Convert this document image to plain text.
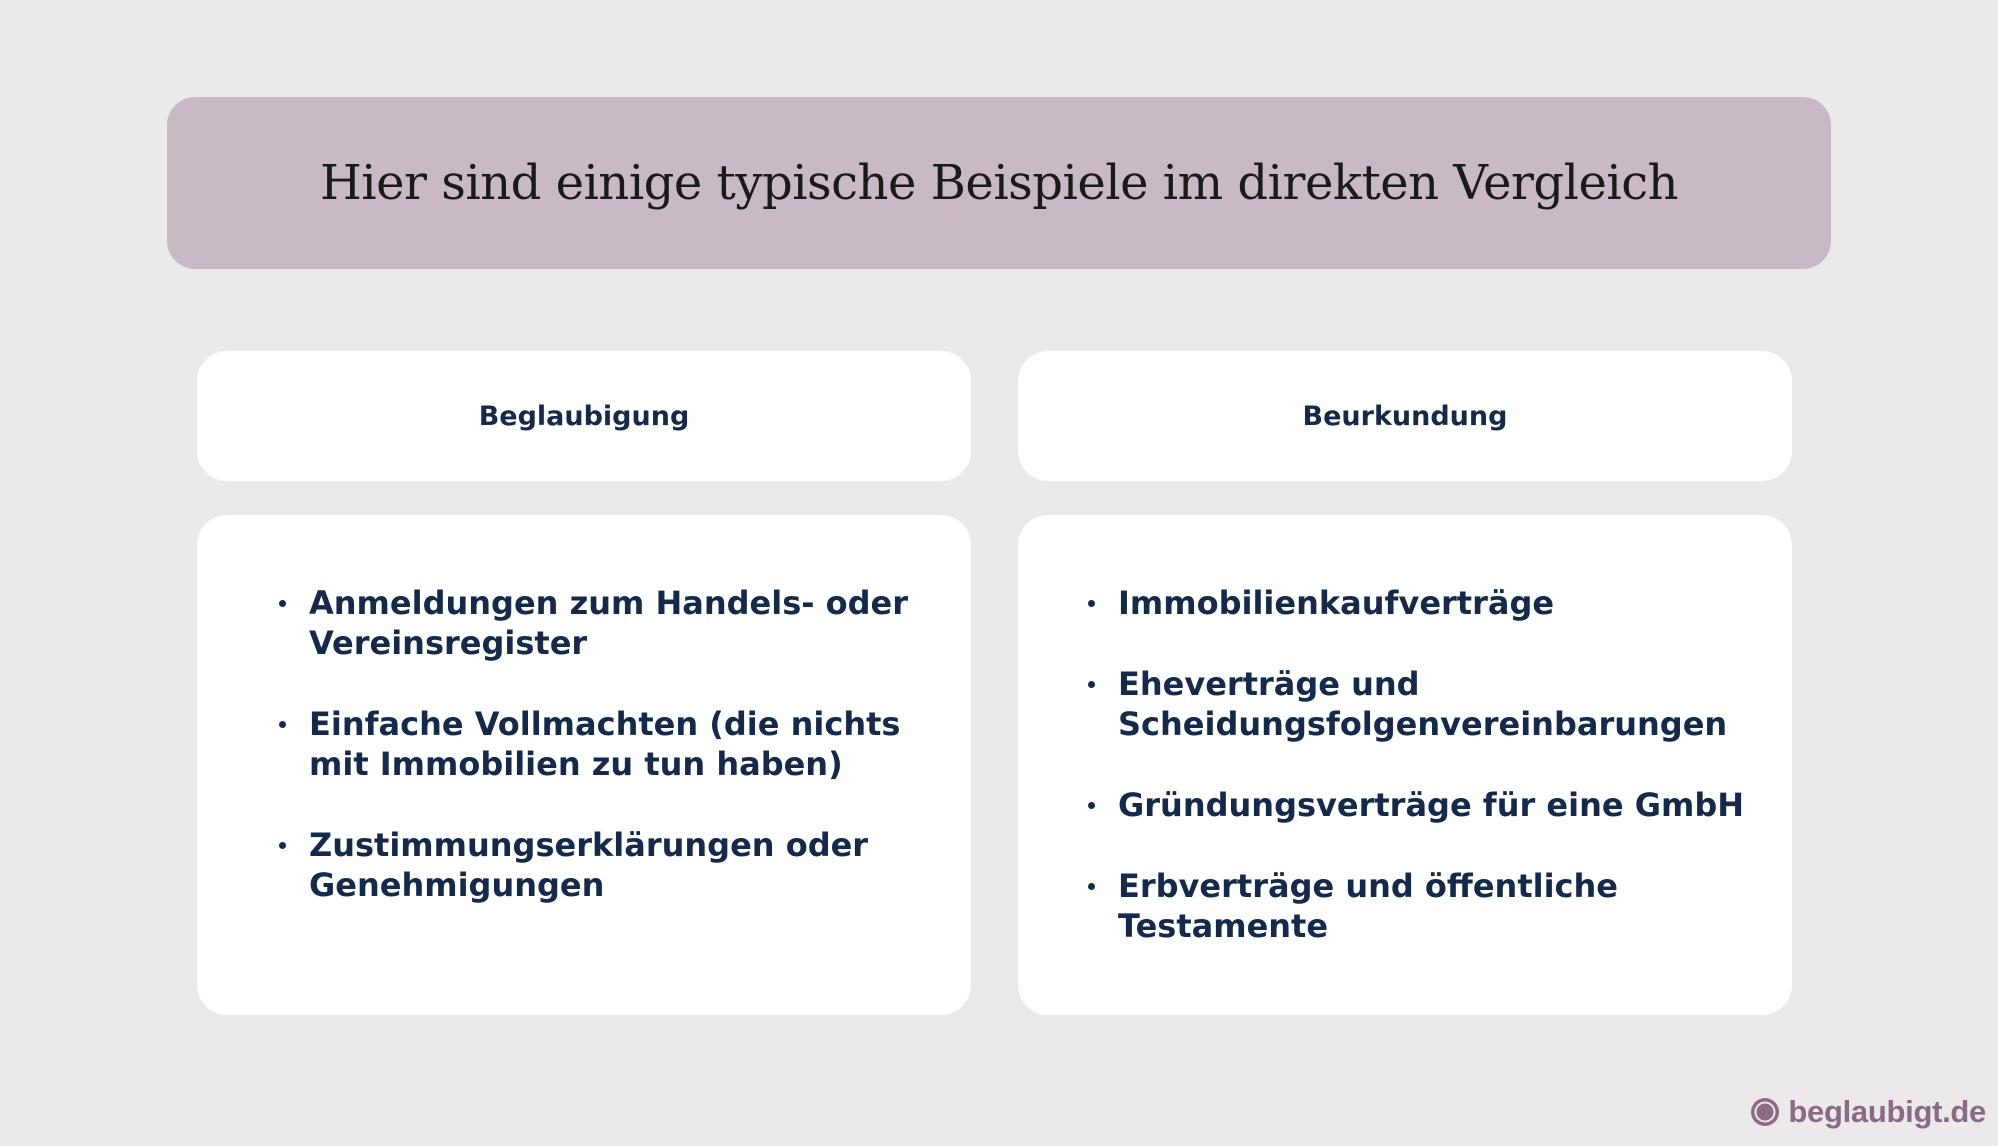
Hier sind einige typische Beispiele im direkten Vergleich
Beglaubigung	Beurkundung
Anmeldungen zum Handels- oder Vereinsregister
Einfache Vollmachten (die nichts mit Immobilien zu tun haben)
Zustimmungserklärungen oder Genehmigungen
Immobilienkaufverträge
Eheverträge und Scheidungsfolgenvereinbarungen
Gründungsverträge für eine GmbH
Erbverträge und öffentliche Testamente
beglaubigt.de
